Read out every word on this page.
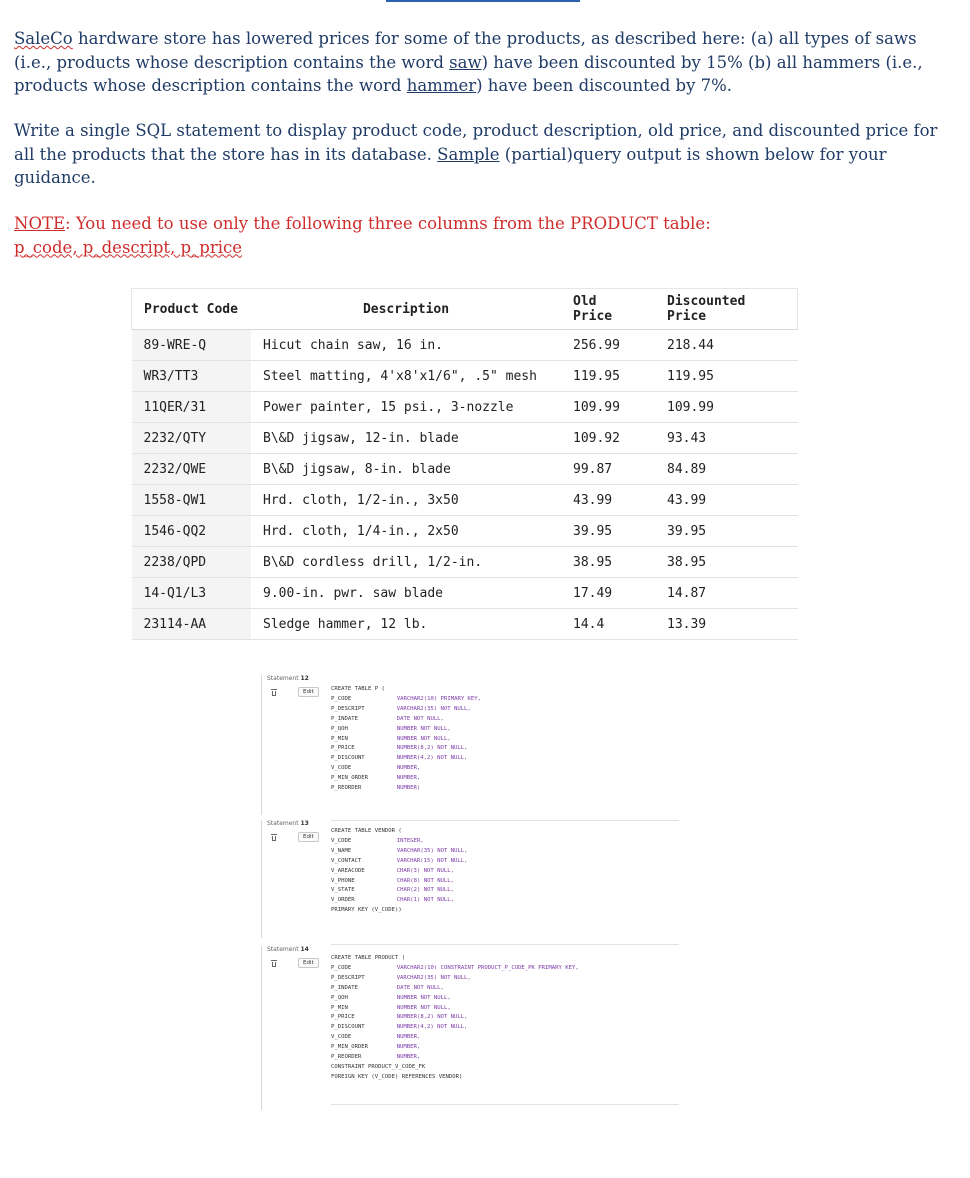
SaleCo hardware store has lowered prices for some of the products, as described here: (a) all types of saws (i.e., products whose description contains the word saw) have been discounted by 15% (b) all hammers (i.e., products whose description contains the word hammer) have been discounted by 7%.

Write a single SQL statement to display product code, product description, old price, and discounted price for all the products that the store has in its database. Sample (partial)query output is shown below for your guidance.

NOTE: You need to use only the following three columns from the PRODUCT table:
p_code, p_descript, p_price

Product Code	Description	Old Price	Discounted Price
89-WRE-Q	Hicut chain saw, 16 in.	256.99	218.44
WR3/TT3	Steel matting, 4'x8'x1/6", .5" mesh	119.95	119.95
11QER/31	Power painter, 15 psi., 3-nozzle	109.99	109.99
2232/QTY	B\&D jigsaw, 12-in. blade	109.92	93.43
2232/QWE	B\&D jigsaw, 8-in. blade	99.87	84.89
1558-QW1	Hrd. cloth, 1/2-in., 3x50	43.99	43.99
1546-QQ2	Hrd. cloth, 1/4-in., 2x50	39.95	39.95
2238/QPD	B\&D cordless drill, 1/2-in.	38.95	38.95
14-Q1/L3	9.00-in. pwr. saw blade	17.49	14.87
23114-AA	Sledge hammer, 12 lb.	14.4	13.39
Statement 12
Edit	CREATE TABLE P (
P_CODE	VARCHAR2(10) PRIMARY KEY,
P_DESCRIPT	VARCHAR2(35) NOT NULL,
P_INDATE	DATE NOT NULL,
P_QOH	NUMBER NOT NULL,
P_MIN	NUMBER NOT NULL,
P_PRICE	NUMBER(8,2) NOT NULL,
P_DISCOUNT	NUMBER(4,2) NOT NULL,
V_CODE	NUMBER,
P_MIN_ORDER	NUMBER,
P_REORDER	NUMBER)
Statement 13
Edit
CREATE TABLE VENDOR (
V_CODE	INTEGER,
V_NAME	VARCHAR(35) NOT NULL,
V_CONTACT	VARCHAR(15) NOT NULL,
V_AREACODE	CHAR(3) NOT NULL,
V_PHONE	CHAR(8) NOT NULL,
V_STATE	CHAR(2) NOT NULL,
V_ORDER	CHAR(1) NOT NULL,
PRIMARY KEY (V_CODE))
Statement 14
Edit
CREATE TABLE PRODUCT (
P_CODE	VARCHAR2(10) CONSTRAINT PRODUCT_P_CODE_PK PRIMARY KEY,
P_DESCRIPT	VARCHAR2(35) NOT NULL,
P_INDATE	DATE NOT NULL,
P_QOH	NUMBER NOT NULL,
P_MIN	NUMBER NOT NULL,
P_PRICE	NUMBER(8,2) NOT NULL,
P_DISCOUNT	NUMBER(4,2) NOT NULL,
V_CODE	NUMBER,
P_MIN_ORDER	NUMBER,
P_REORDER	NUMBER,
CONSTRAINT PRODUCT_V_CODE_FK
FOREIGN KEY (V_CODE) REFERENCES VENDOR)
